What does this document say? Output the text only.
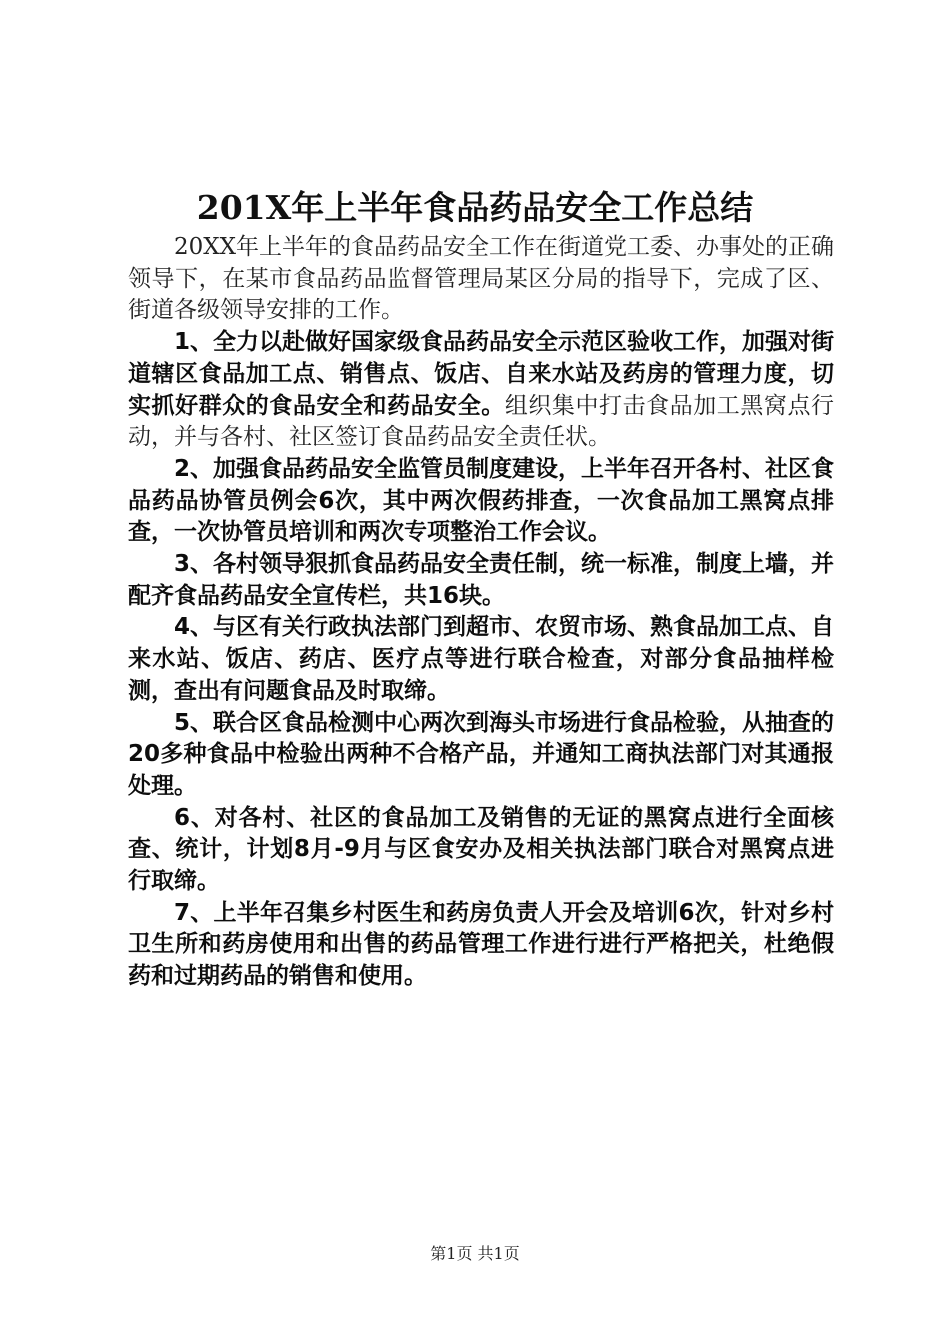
201X年上半年食品药品安全工作总结

20XX年上半年的食品药品安全工作在街道党工委、办事处的正确领导下，在某市食品药品监督管理局某区分局的指导下，完成了区、街道各级领导安排的工作。

1、全力以赴做好国家级食品药品安全示范区验收工作，加强对街道辖区食品加工点、销售点、饭店、自来水站及药房的管理力度，切实抓好群众的食品安全和药品安全。组织集中打击食品加工黑窝点行动，并与各村、社区签订食品药品安全责任状。

2、加强食品药品安全监管员制度建设，上半年召开各村、社区食品药品协管员例会6次，其中两次假药排查，一次食品加工黑窝点排查，一次协管员培训和两次专项整治工作会议。

3、各村领导狠抓食品药品安全责任制，统一标准，制度上墙，并配齐食品药品安全宣传栏，共16块。

4、与区有关行政执法部门到超市、农贸市场、熟食品加工点、自来水站、饭店、药店、医疗点等进行联合检查，对部分食品抽样检测，查出有问题食品及时取缔。

5、联合区食品检测中心两次到海头市场进行食品检验，从抽查的20多种食品中检验出两种不合格产品，并通知工商执法部门对其通报处理。

6、对各村、社区的食品加工及销售的无证的黑窝点进行全面核查、统计，计划8月-9月与区食安办及相关执法部门联合对黑窝点进行取缔。

7、上半年召集乡村医生和药房负责人开会及培训6次，针对乡村卫生所和药房使用和出售的药品管理工作进行进行严格把关，杜绝假药和过期药品的销售和使用。

第1页 共1页
